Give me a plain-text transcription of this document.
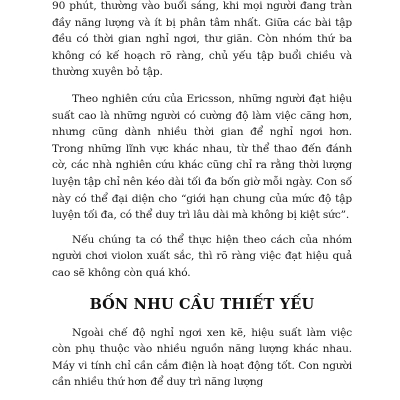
90 phút, thường vào buổi sáng, khi mọi người đang tràn đầy năng lượng và ít bị phân tâm nhất. Giữa các bài tập đều có thời gian nghỉ ngơi, thư giãn. Còn nhóm thứ ba không có kế hoạch rõ ràng, chủ yếu tập buổi chiều và thường xuyên bỏ tập.

Theo nghiên cứu của Ericsson, những người đạt hiệu suất cao là những người có cường độ làm việc căng hơn, nhưng cũng dành nhiều thời gian để nghỉ ngơi hơn. Trong những lĩnh vực khác nhau, từ thể thao đến đánh cờ, các nhà nghiên cứu khác cũng chỉ ra rằng thời lượng luyện tập chỉ nên kéo dài tối đa bốn giờ mỗi ngày. Con số này có thể đại diện cho “giới hạn chung của mức độ tập luyện tối đa, có thể duy trì lâu dài mà không bị kiệt sức”.

Nếu chúng ta có thể thực hiện theo cách của nhóm người chơi violon xuất sắc, thì rõ ràng việc đạt hiệu quả cao sẽ không còn quá khó.

BỐN NHU CẦU THIẾT YẾU

Ngoài chế độ nghỉ ngơi xen kẽ, hiệu suất làm việc còn phụ thuộc vào nhiều nguồn năng lượng khác nhau. Máy vi tính chỉ cần cắm điện là hoạt động tốt. Con người cần nhiều thứ hơn để duy trì năng lượng
